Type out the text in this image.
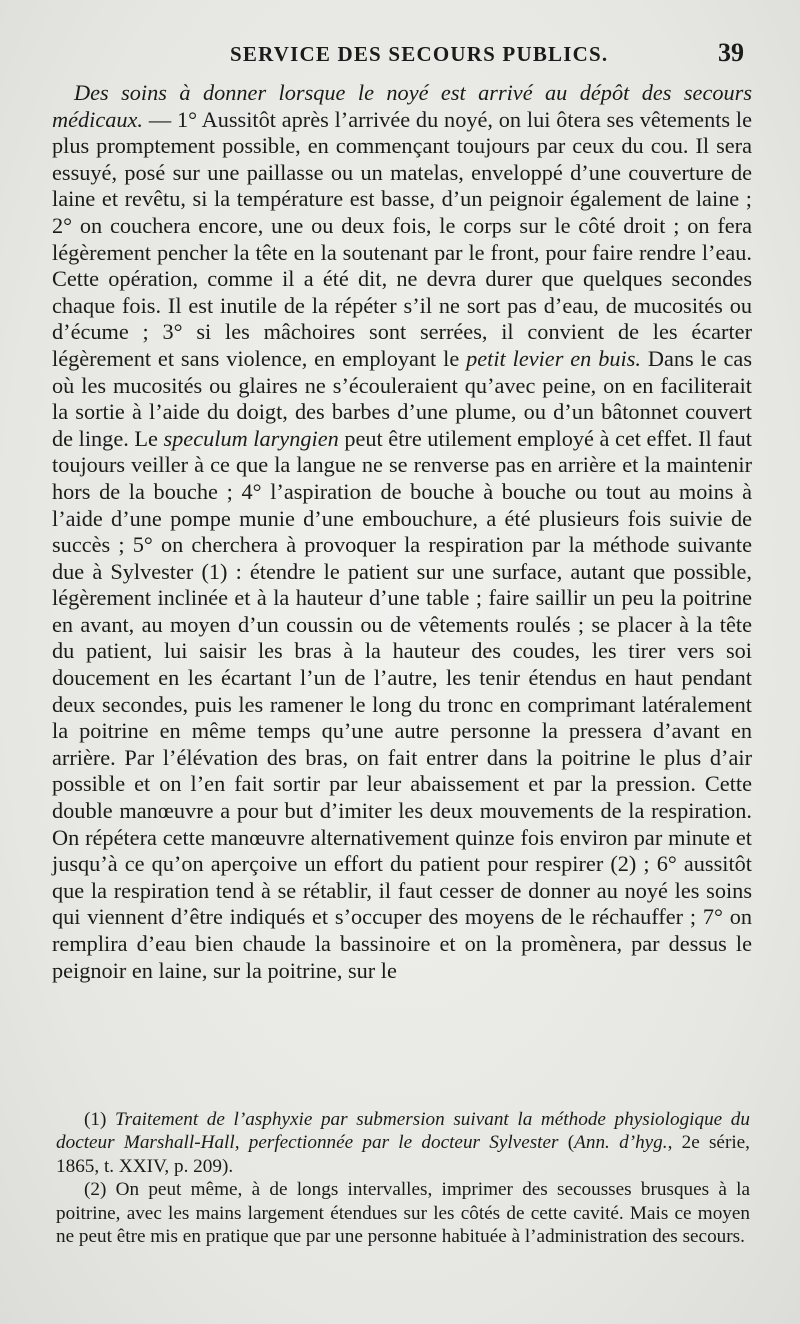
SERVICE DES SECOURS PUBLICS.	39

Des soins à donner lorsque le noyé est arrivé au dépôt des secours médicaux. — 1° Aussitôt après l’arrivée du noyé, on lui ôtera ses vêtements le plus promptement possible, en commençant toujours par ceux du cou. Il sera essuyé, posé sur une paillasse ou un matelas, enveloppé d’une couverture de laine et revêtu, si la température est basse, d’un peignoir également de laine ; 2° on couchera encore, une ou deux fois, le corps sur le côté droit ; on fera légèrement pencher la tête en la soutenant par le front, pour faire rendre l’eau. Cette opération, comme il a été dit, ne devra durer que quelques secondes chaque fois. Il est inutile de la répéter s’il ne sort pas d’eau, de mucosités ou d’écume ; 3° si les mâchoires sont serrées, il convient de les écarter légèrement et sans violence, en employant le petit levier en buis. Dans le cas où les mucosités ou glaires ne s’écouleraient qu’avec peine, on en faciliterait la sortie à l’aide du doigt, des barbes d’une plume, ou d’un bâtonnet couvert de linge. Le speculum laryngien peut être utilement employé à cet effet. Il faut toujours veiller à ce que la langue ne se renverse pas en arrière et la maintenir hors de la bouche ; 4° l’aspiration de bouche à bouche ou tout au moins à l’aide d’une pompe munie d’une embouchure, a été plusieurs fois suivie de succès ; 5° on cherchera à provoquer la respiration par la méthode suivante due à Sylvester (1) : étendre le patient sur une surface, autant que possible, légèrement inclinée et à la hauteur d’une table ; faire saillir un peu la poitrine en avant, au moyen d’un coussin ou de vêtements roulés ; se placer à la tête du patient, lui saisir les bras à la hauteur des coudes, les tirer vers soi doucement en les écartant l’un de l’autre, les tenir étendus en haut pendant deux secondes, puis les ramener le long du tronc en comprimant latéralement la poitrine en même temps qu’une autre personne la pressera d’avant en arrière. Par l’élévation des bras, on fait entrer dans la poitrine le plus d’air possible et on l’en fait sortir par leur abaissement et par la pression. Cette double manœuvre a pour but d’imiter les deux mouvements de la respiration. On répétera cette manœuvre alternativement quinze fois environ par minute et jusqu’à ce qu’on aperçoive un effort du patient pour respirer (2) ; 6° aussitôt que la respiration tend à se rétablir, il faut cesser de donner au noyé les soins qui viennent d’être indiqués et s’occuper des moyens de le réchauffer ; 7° on remplira d’eau bien chaude la bassinoire et on la promènera, par dessus le peignoir en laine, sur la poitrine, sur le

(1) Traitement de l’asphyxie par submersion suivant la méthode physiologique du docteur Marshall-Hall, perfectionnée par le docteur Sylvester (Ann. d’hyg., 2e série, 1865, t. XXIV, p. 209).

(2) On peut même, à de longs intervalles, imprimer des secousses brusques à la poitrine, avec les mains largement étendues sur les côtés de cette cavité. Mais ce moyen ne peut être mis en pratique que par une personne habituée à l’administration des secours.
